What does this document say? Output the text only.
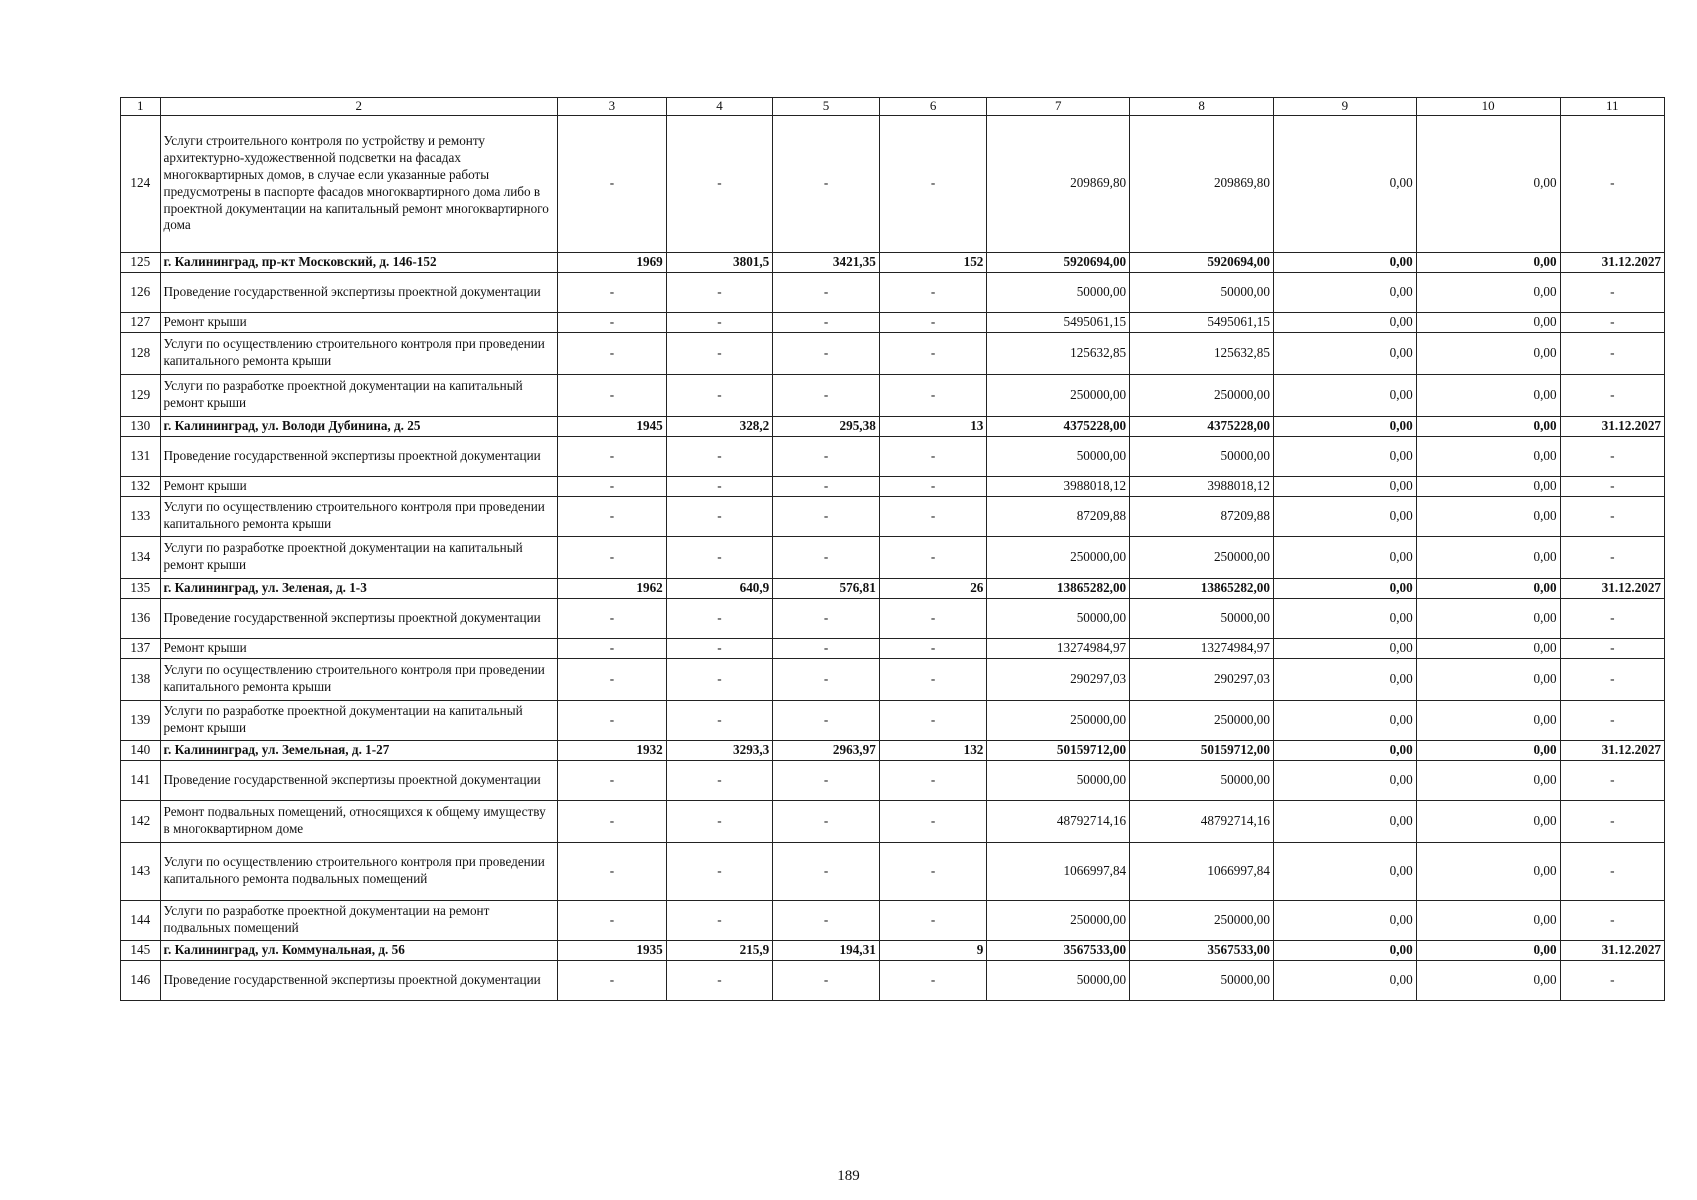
1	2	3	4	5	6	7	8	9	10	11
124	Услуги строительного контроля по устройству и ремонту архитектурно-художественной подсветки на фасадах многоквартирных домов, в случае если указанные работы предусмотрены в паспорте фасадов многоквартирного дома либо в проектной документации на капитальный ремонт многоквартирного дома	-	-	-	-	209869,80	209869,80	0,00	0,00	-
125	г. Калининград, пр-кт Московский, д. 146-152	1969	3801,5	3421,35	152	5920694,00	5920694,00	0,00	0,00	31.12.2027
126	Проведение государственной экспертизы проектной документации	-	-	-	-	50000,00	50000,00	0,00	0,00	-
127	Ремонт крыши	-	-	-	-	5495061,15	5495061,15	0,00	0,00	-
128	Услуги по осуществлению строительного контроля при проведении капитального ремонта крыши	-	-	-	-	125632,85	125632,85	0,00	0,00	-
129	Услуги по разработке проектной документации на капитальный ремонт крыши	-	-	-	-	250000,00	250000,00	0,00	0,00	-
130	г. Калининград, ул. Володи Дубинина, д. 25	1945	328,2	295,38	13	4375228,00	4375228,00	0,00	0,00	31.12.2027
131	Проведение государственной экспертизы проектной документации	-	-	-	-	50000,00	50000,00	0,00	0,00	-
132	Ремонт крыши	-	-	-	-	3988018,12	3988018,12	0,00	0,00	-
133	Услуги по осуществлению строительного контроля при проведении капитального ремонта крыши	-	-	-	-	87209,88	87209,88	0,00	0,00	-
134	Услуги по разработке проектной документации на капитальный ремонт крыши	-	-	-	-	250000,00	250000,00	0,00	0,00	-
135	г. Калининград, ул. Зеленая, д. 1-3	1962	640,9	576,81	26	13865282,00	13865282,00	0,00	0,00	31.12.2027
136	Проведение государственной экспертизы проектной документации	-	-	-	-	50000,00	50000,00	0,00	0,00	-
137	Ремонт крыши	-	-	-	-	13274984,97	13274984,97	0,00	0,00	-
138	Услуги по осуществлению строительного контроля при проведении капитального ремонта крыши	-	-	-	-	290297,03	290297,03	0,00	0,00	-
139	Услуги по разработке проектной документации на капитальный ремонт крыши	-	-	-	-	250000,00	250000,00	0,00	0,00	-
140	г. Калининград, ул. Земельная, д. 1-27	1932	3293,3	2963,97	132	50159712,00	50159712,00	0,00	0,00	31.12.2027
141	Проведение государственной экспертизы проектной документации	-	-	-	-	50000,00	50000,00	0,00	0,00	-
142	Ремонт подвальных помещений, относящихся к общему имуществу в многоквартирном доме	-	-	-	-	48792714,16	48792714,16	0,00	0,00	-
143	Услуги по осуществлению строительного контроля при проведении капитального ремонта подвальных помещений	-	-	-	-	1066997,84	1066997,84	0,00	0,00	-
144	Услуги по разработке проектной документации на ремонт подвальных помещений	-	-	-	-	250000,00	250000,00	0,00	0,00	-
145	г. Калининград, ул. Коммунальная, д. 56	1935	215,9	194,31	9	3567533,00	3567533,00	0,00	0,00	31.12.2027
146	Проведение государственной экспертизы проектной документации	-	-	-	-	50000,00	50000,00	0,00	0,00	-
189
